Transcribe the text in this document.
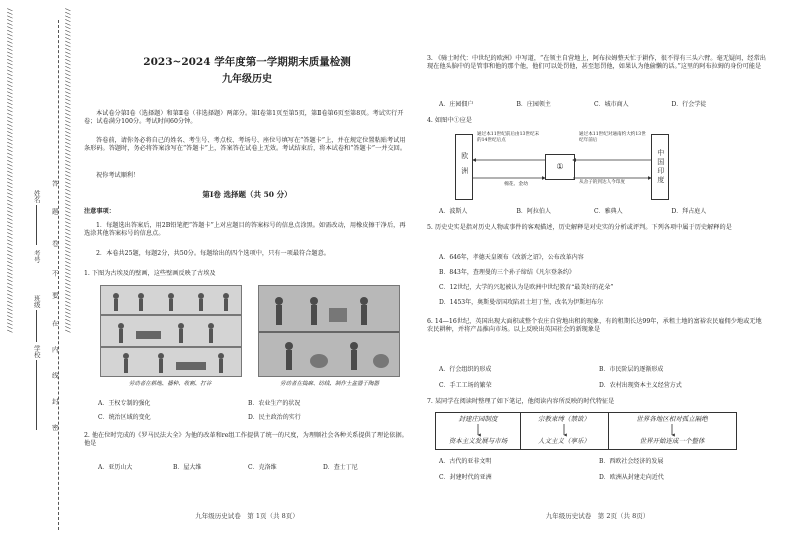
//////////////////////////////////////////////////////////////////////////////////////////	//////////////////////////////////////////////////////////////////////////////////////////
答
题
卷
不
要
在
内
线
封
密
姓名
考号
班级
学校
2023~2024 学年度第一学期期末质量检测
九年级历史
本试卷分第Ⅰ卷（选择题）和第Ⅱ卷（非选择题）两部分。第Ⅰ卷第1页至第5页，第Ⅱ卷第6页至第8页。考试实行开卷；试卷满分100分。考试时间60分钟。
答卷前，请你务必将自己的姓名、考生号、考点校、考场号、座位号填写在“答题卡”上，并在规定位置粘贴考试用条形码。答题时，务必将答案涂写在“答题卡”上，答案答在试卷上无效。考试结束后，将本试卷和“答题卡”一并交回。
祝你考试顺利！
第Ⅰ卷 选择题（共 50 分）
注意事项：
1．每题选出答案后，用2B铅笔把“答题卡”上对应题目的答案标号的信息点涂黑。如需改动，用橡皮擦干净后，再选涂其他答案标号的信息点。
2．本卷共25题，每题2分，共50分。每题给出的四个选项中，只有一项最符合题意。
1. 下图为古埃及的壁画，这些壁画反映了古埃及
劳动者在耕地、播种、收割、打谷	劳动者在捣麻、纺线、制作土盆器于陶器
A．王权专制的强化	B．农业生产的状况
C．统治区域的变化	D．民主政治的实行
2. 他在位时完成的《罗马民法大全》为他的改革和re组工作提供了统一的尺度，为理顺社会各种关系提供了理论依据。他是
A．亚历山大	B．屋大维	C．克洛维	D．查士丁尼
九年级历史试卷　第 1页（共 8页）
3. 《骑士时代：中世纪的欧洲》中写道，“在领主自营地上，阿布拉姆整天忙于耕作，很不得有三头六臂。毫无疑问，经常出现在他头脑中的是管事和他的那个他，他们可以处罚他，甚至惩罚他，如果认为他偷懒的话。”这里的阿布拉姆的身份可能是
A．庄园佃户	B．庄园领主	C．城市商人	D．行会学徒
4. 如图中①应是
欧洲	中国印度
①
通过本11世纪前后由13世纪末的14世纪后点
通过本11世纪对通南约大约13世纪年前后
棉花、金幼	从舍子的到达人今印度
A．波斯人	B．阿拉伯人	C．雅典人	D．拜占庭人
5. 历史史实是指对历史人物或事件的客观描述，历史解释是对史实的分析或评判。下列各项中属于历史解释的是
A．646年，孝德天皇颁布《改新之诏》，公布改革内容
B．843年，查理曼的三个孙子缔结《凡尔登条约》
C．12世纪，大学的兴起被认为是欧洲中世纪教育“最美好的花朵”
D．1453年，奥斯曼帝国攻陷君士坦丁堡，改名为伊斯坦布尔
6. 14—16世纪，英国出现大面积或整个农庄自营地出租的现象，有的租期长达99年，承租土地的富裕农民雇佣少地或无地农民耕种，并将产品推向市场。以上反映出英国社会的新现象是
A．行会组织的形成	B．市民阶层的逐渐形成
C．手工工场的繁荣	D．农村出现资本主义经营方式
7. 某同学在阅读时整理了如下笔记，他阅读内容所反映的时代特征是
封建庄园制度	宗教束缚（禁欲）	世界各地区相对孤立隔绝
资本主义发展与市场	人文主义（享乐）	世界开始连成一个整体
A．古代的亚非文明	B．西欧社会经济的发展
C．封建时代的亚洲	D．欧洲从封建走向近代
九年级历史试卷　第 2页（共 8页）
